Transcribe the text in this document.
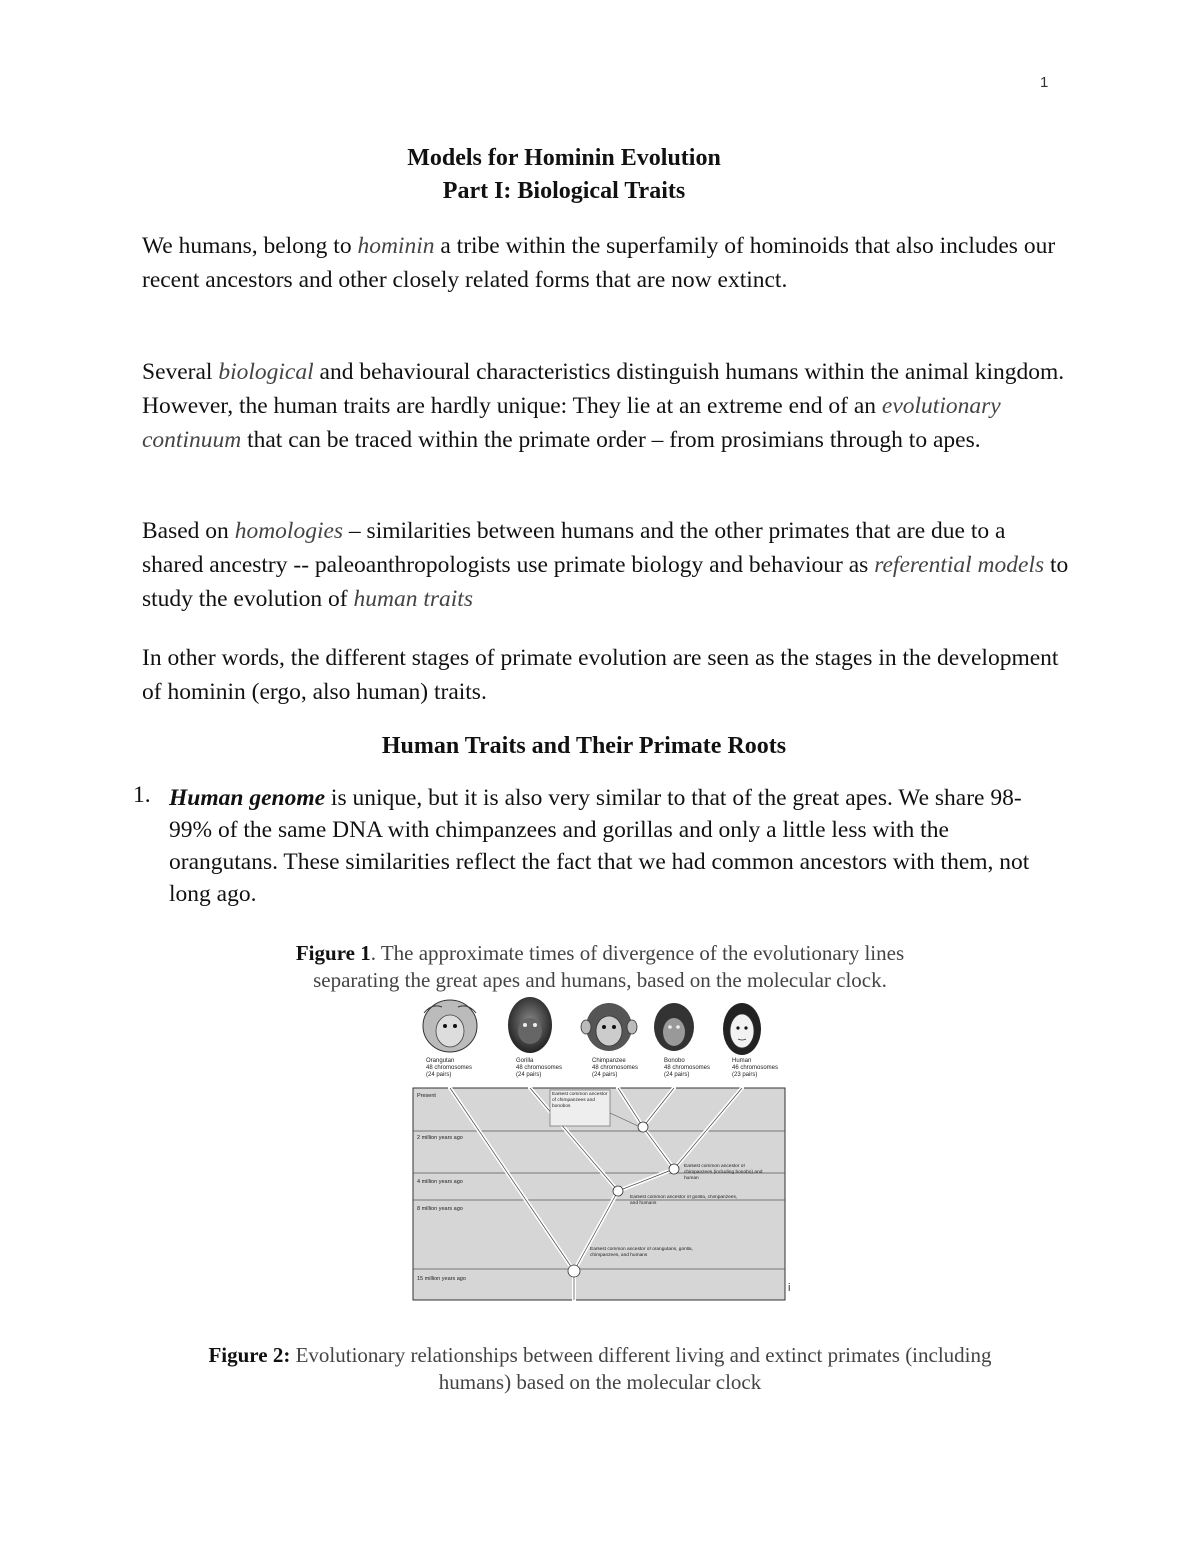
1
Models for Hominin Evolution
Part I: Biological Traits

We humans, belong to hominin a tribe within the superfamily of hominoids that also includes our recent ancestors and other closely related forms that are now extinct.

Several biological and behavioural characteristics distinguish humans within the animal kingdom. However, the human traits are hardly unique: They lie at an extreme end of an evolutionary continuum that can be traced within the primate order – from prosimians through to apes.

Based on homologies – similarities between humans and the other primates that are due to a shared ancestry -- paleoanthropologists use primate biology and behaviour as referential models to study the evolution of human traits

In other words, the different stages of primate evolution are seen as the stages in the development of hominin (ergo, also human) traits.

Human Traits and Their Primate Roots
1. Human genome is unique, but it is also very similar to that of the great apes. We share 98-99% of the same DNA with chimpanzees and gorillas and only a little less with the orangutans. These similarities reflect the fact that we had common ancestors with them, not long ago.

Figure 1. The approximate times of divergence of the evolutionary lines separating the great apes and humans, based on the molecular clock.
Orangutan
48 chromosomes
(24 pairs)
Gorilla
48 chromosomes
(24 pairs)
Chimpanzee
48 chromosomes
(24 pairs)
Bonobo
48 chromosomes
(24 pairs)
Human
46 chromosomes
(23 pairs)
Present
2 million years ago
4 million years ago
8 million years ago
15 million years ago
Earliest common ancestor of chimpanzees and bonobos
Earliest common ancestor of chimpanzees (including bonobo) and human
Earliest common ancestor of gorilla, chimpanzees, and humans
Earliest common ancestor of orangutans, gorilla, chimpanzees, and humans
i
Figure 2: Evolutionary relationships between different living and extinct primates (including humans) based on the molecular clock
